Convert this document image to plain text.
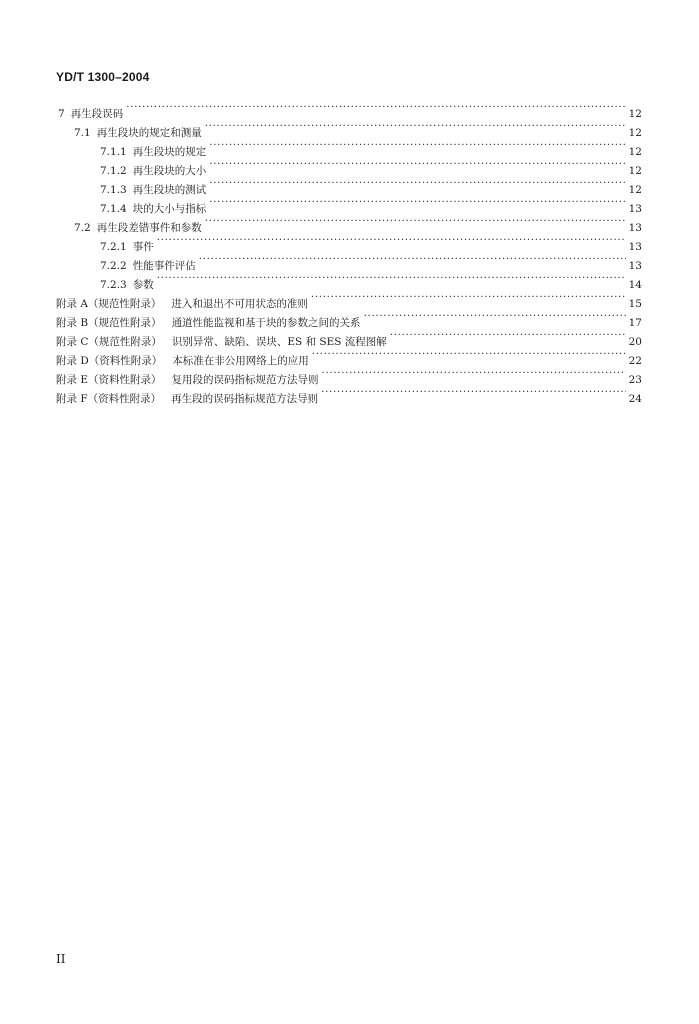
YD/T 1300–2004
7 再生段误码 ·····	12
7.1 再生段块的规定和测量 ·····	12
7.1.1 再生段块的规定 ·····	12
7.1.2 再生段块的大小 ·····	12
7.1.3 再生段块的测试 ·····	12
7.1.4 块的大小与指标 ·····	13
7.2 再生段差错事件和参数 ·····	13
7.2.1 事件 ·····	13
7.2.2 性能事件评估 ·····	13
7.2.3 参数 ·····	14
附录 A（规范性附录） 进入和退出不可用状态的准则 ·····	15
附录 B（规范性附录） 通道性能监视和基于块的参数之间的关系 ·····	17
附录 C（规范性附录） 识别异常、缺陷、误块、ES 和 SES 流程图解 ·····	20
附录 D（资料性附录） 本标准在非公用网络上的应用 ·····	22
附录 E（资料性附录） 复用段的误码指标规范方法导则 ·····	23
附录 F（资料性附录） 再生段的误码指标规范方法导则 ·····	24
II
